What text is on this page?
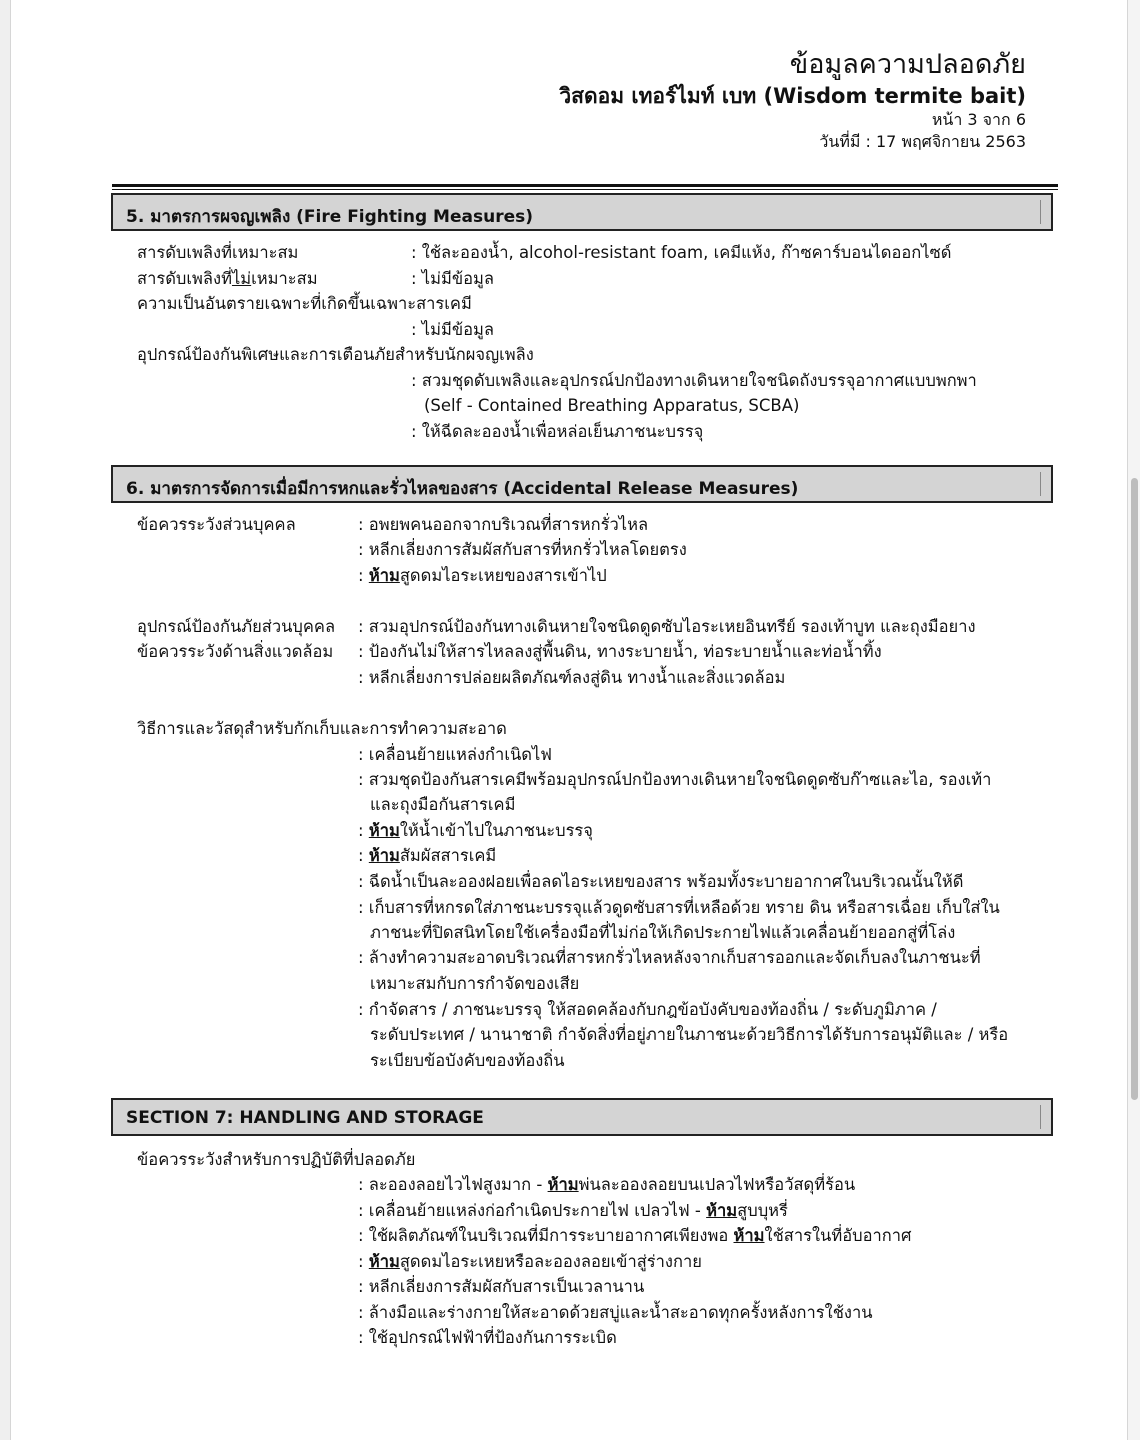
ข้อมูลความปลอดภัย
วิสดอม เทอร์ไมท์ เบท (Wisdom termite bait)
หน้า 3 จาก 6
วันที่มี : 17 พฤศจิกายน 2563
5. มาตรการผจญเพลิง (Fire Fighting Measures)
สารดับเพลิงที่เหมาะสม	: ใช้ละอองน้ำ, alcohol-resistant foam, เคมีแห้ง, ก๊าซคาร์บอนไดออกไซด์
สารดับเพลิงที่ไม่เหมาะสม	: ไม่มีข้อมูล
ความเป็นอันตรายเฉพาะที่เกิดขึ้นเฉพาะสารเคมี
: ไม่มีข้อมูล
อุปกรณ์ป้องกันพิเศษและการเตือนภัยสำหรับนักผจญเพลิง
: สวมชุดดับเพลิงและอุปกรณ์ปกป้องทางเดินหายใจชนิดถังบรรจุอากาศแบบพกพา
(Self - Contained Breathing Apparatus, SCBA)
: ให้ฉีดละอองน้ำเพื่อหล่อเย็นภาชนะบรรจุ
6. มาตรการจัดการเมื่อมีการหกและรั่วไหลของสาร (Accidental Release Measures)
ข้อควรระวังส่วนบุคคล	: อพยพคนออกจากบริเวณที่สารหกรั่วไหล
: หลีกเลี่ยงการสัมผัสกับสารที่หกรั่วไหลโดยตรง
: ห้ามสูดดมไอระเหยของสารเข้าไป
อุปกรณ์ป้องกันภัยส่วนบุคคล : สวมอุปกรณ์ป้องกันทางเดินหายใจชนิดดูดซับไอระเหยอินทรีย์ รองเท้าบูท และถุงมือยาง
ข้อควรระวังด้านสิ่งแวดล้อม : ป้องกันไม่ให้สารไหลลงสู่พื้นดิน, ทางระบายน้ำ, ท่อระบายน้ำและท่อน้ำทิ้ง
: หลีกเลี่ยงการปล่อยผลิตภัณฑ์ลงสู่ดิน ทางน้ำและสิ่งแวดล้อม
วิธีการและวัสดุสำหรับกักเก็บและการทำความสะอาด
: เคลื่อนย้ายแหล่งกำเนิดไฟ
: สวมชุดป้องกันสารเคมีพร้อมอุปกรณ์ปกป้องทางเดินหายใจชนิดดูดซับก๊าซและไอ, รองเท้า
และถุงมือกันสารเคมี
: ห้ามให้น้ำเข้าไปในภาชนะบรรจุ
: ห้ามสัมผัสสารเคมี
: ฉีดน้ำเป็นละอองฝอยเพื่อลดไอระเหยของสาร พร้อมทั้งระบายอากาศในบริเวณนั้นให้ดี
: เก็บสารที่หกรดใส่ภาชนะบรรจุแล้วดูดซับสารที่เหลือด้วย ทราย ดิน หรือสารเฉื่อย เก็บใส่ใน
ภาชนะที่ปิดสนิทโดยใช้เครื่องมือที่ไม่ก่อให้เกิดประกายไฟแล้วเคลื่อนย้ายออกสู่ที่โล่ง
: ล้างทำความสะอาดบริเวณที่สารหกรั่วไหลหลังจากเก็บสารออกและจัดเก็บลงในภาชนะที่
เหมาะสมกับการกำจัดของเสีย
: กำจัดสาร / ภาชนะบรรจุ ให้สอดคล้องกับกฎข้อบังคับของท้องถิ่น / ระดับภูมิภาค /
ระดับประเทศ / นานาชาติ กำจัดสิ่งที่อยู่ภายในภาชนะด้วยวิธีการได้รับการอนุมัติและ / หรือ
ระเบียบข้อบังคับของท้องถิ่น
SECTION 7: HANDLING AND STORAGE
ข้อควรระวังสำหรับการปฏิบัติที่ปลอดภัย
: ละอองลอยไวไฟสูงมาก - ห้ามพ่นละอองลอยบนเปลวไฟหรือวัสดุที่ร้อน
: เคลื่อนย้ายแหล่งก่อกำเนิดประกายไฟ เปลวไฟ - ห้ามสูบบุหรี่
: ใช้ผลิตภัณฑ์ในบริเวณที่มีการระบายอากาศเพียงพอ ห้ามใช้สารในที่อับอากาศ
: ห้ามสูดดมไอระเหยหรือละอองลอยเข้าสู่ร่างกาย
: หลีกเลี่ยงการสัมผัสกับสารเป็นเวลานาน
: ล้างมือและร่างกายให้สะอาดด้วยสบู่และน้ำสะอาดทุกครั้งหลังการใช้งาน
: ใช้อุปกรณ์ไฟฟ้าที่ป้องกันการระเบิด
